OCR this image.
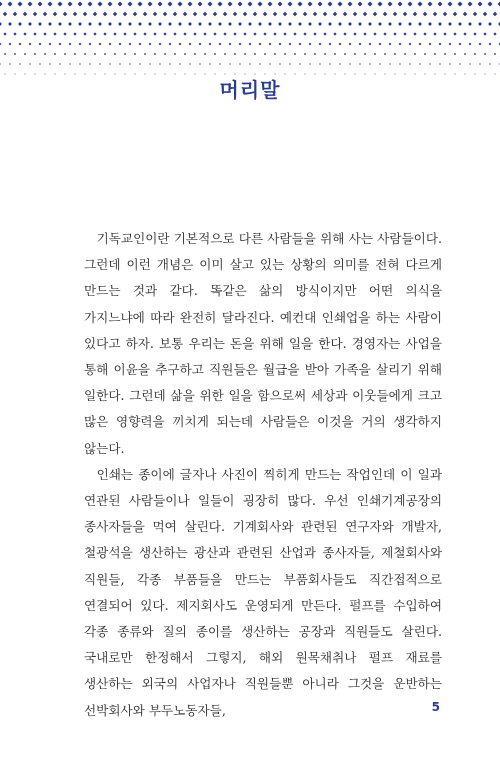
머리말

기독교인이란 기본적으로 다른 사람들을 위해 사는 사람들이다. 그런데 이런 개념은 이미 살고 있는 상황의 의미를 전혀 다르게 만드는 것과 같다. 똑같은 삶의 방식이지만 어떤 의식을 가지느냐에 따라 완전히 달라진다. 예컨대 인쇄업을 하는 사람이 있다고 하자. 보통 우리는 돈을 위해 일을 한다. 경영자는 사업을 통해 이윤을 추구하고 직원들은 월급을 받아 가족을 살리기 위해 일한다. 그런데 삶을 위한 일을 함으로써 세상과 이웃들에게 크고 많은 영향력을 끼치게 되는데 사람들은 이것을 거의 생각하지 않는다.

인쇄는 종이에 글자나 사진이 찍히게 만드는 작업인데 이 일과 연관된 사람들이나 일들이 굉장히 많다. 우선 인쇄기계공장의 종사자들을 먹여 살린다. 기계회사와 관련된 연구자와 개발자, 철광석을 생산하는 광산과 관련된 산업과 종사자들, 제철회사와 직원들, 각종 부품들을 만드는 부품회사들도 직간접적으로 연결되어 있다. 제지회사도 운영되게 만든다. 펄프를 수입하여 각종 종류와 질의 종이를 생산하는 공장과 직원들도 살린다. 국내로만 한정해서 그렇지, 해외 원목채취나 펄프 재료를 생산하는 외국의 사업자나 직원들뿐 아니라 그것을 운반하는 선박회사와 부두노동자들,	5
